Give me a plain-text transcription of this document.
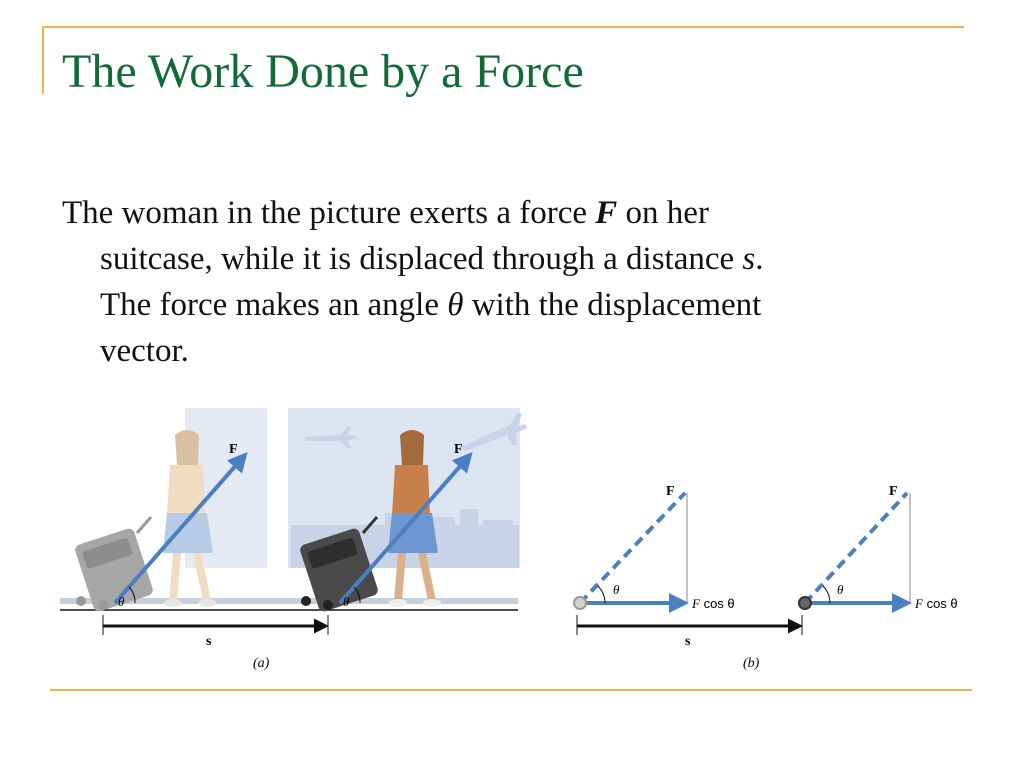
The Work Done by a Force
The woman in the picture exerts a force F on her
suitcase, while it is displaced through a distance s.
The force makes an angle θ with the displacement
vector.
F	F
θ	θ
s
(a)
θ
F
F cos θ
θ
F
F cos θ
s
(b)
